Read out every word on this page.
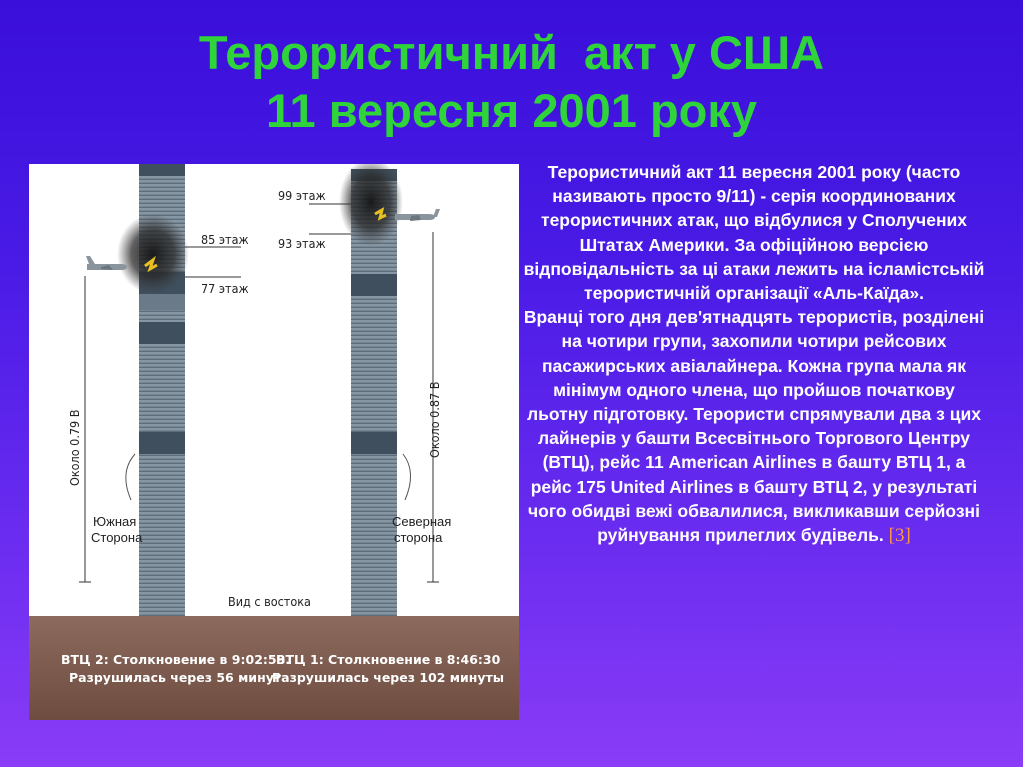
Терористичний  акт у США
11 вересня 2001 року
85 этаж
77 этаж
99 этаж
93 этаж
Около 0.79 В	Около 0.87 В
Южная
Сторона
Северная
сторона
Вид с востока
ВТЦ 2: Столкновение в 9:02:59.
ВТЦ 1: Столкновение в 8:46:30
Разрушилась через 56 минут
Разрушилась через 102 минуты

Терористичний акт 11 вересня 2001 року (часто називають просто 9/11) - серія координованих терористичних атак, що відбулися у Сполучених Штатах Америки. За офіційною версією відповідальність за ці атаки лежить на ісламістській терористичній організації «Аль-Каїда».

Вранці того дня дев'ятнадцять терористів, розділені на чотири групи, захопили чотири рейсових пасажирських авіалайнера. Кожна група мала як мінімум одного члена, що пройшов початкову льотну підготовку. Терористи спрямували два з цих лайнерів у башти Всесвітнього Торгового Центру (ВТЦ), рейс 11 American Airlines в башту ВТЦ 1, а рейс 175 United Airlines в башту ВТЦ 2, у результаті чого обидві вежі обвалилися, викликавши серйозні руйнування прилеглих будівель. [3]
